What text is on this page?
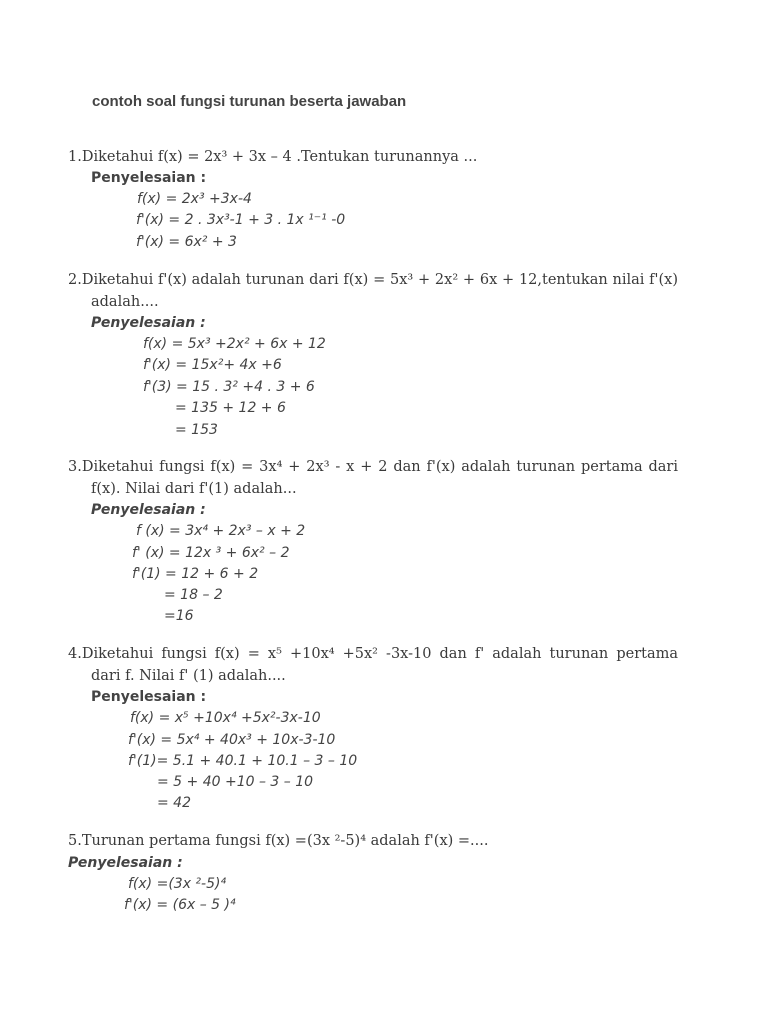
contoh soal fungsi turunan beserta jawaban
1.Diketahui f(x) = 2x³ + 3x – 4 .Tentukan turunannya ...
Penyelesaian :
f(x) = 2x³ +3x-4
f'(x) = 2 . 3x³-1 + 3 . 1x ¹⁻¹ -0
f'(x) = 6x² + 3
2.Diketahui f'(x) adalah turunan dari f(x) = 5x³ + 2x² + 6x + 12,tentukan nilai f'(x)
adalah....
Penyelesaian :
f(x) = 5x³ +2x² + 6x + 12
f'(x) = 15x²+ 4x +6
f'(3) = 15 . 3² +4 . 3 + 6
= 135 + 12 + 6
= 153
3.Diketahui fungsi f(x) = 3x⁴ + 2x³ - x + 2 dan f'(x) adalah turunan pertama dari
f(x). Nilai dari f'(1) adalah...
Penyelesaian :
f (x) = 3x⁴ + 2x³ – x + 2
f' (x) = 12x ³ + 6x² – 2
f'(1) = 12 + 6 + 2
= 18 – 2
=16
4.Diketahui fungsi f(x) = x⁵ +10x⁴ +5x² -3x-10 dan f' adalah turunan pertama
dari f. Nilai f' (1) adalah....
Penyelesaian :
f(x) = x⁵ +10x⁴ +5x²-3x-10
f'(x) = 5x⁴ + 40x³ + 10x-3-10
f'(1)= 5.1 + 40.1 + 10.1 – 3 – 10
= 5 + 40 +10 – 3 – 10
= 42
5.Turunan pertama fungsi f(x) =(3x ²-5)⁴ adalah f'(x) =....
Penyelesaian :
f(x) =(3x ²-5)⁴
f'(x) = (6x – 5 )⁴
